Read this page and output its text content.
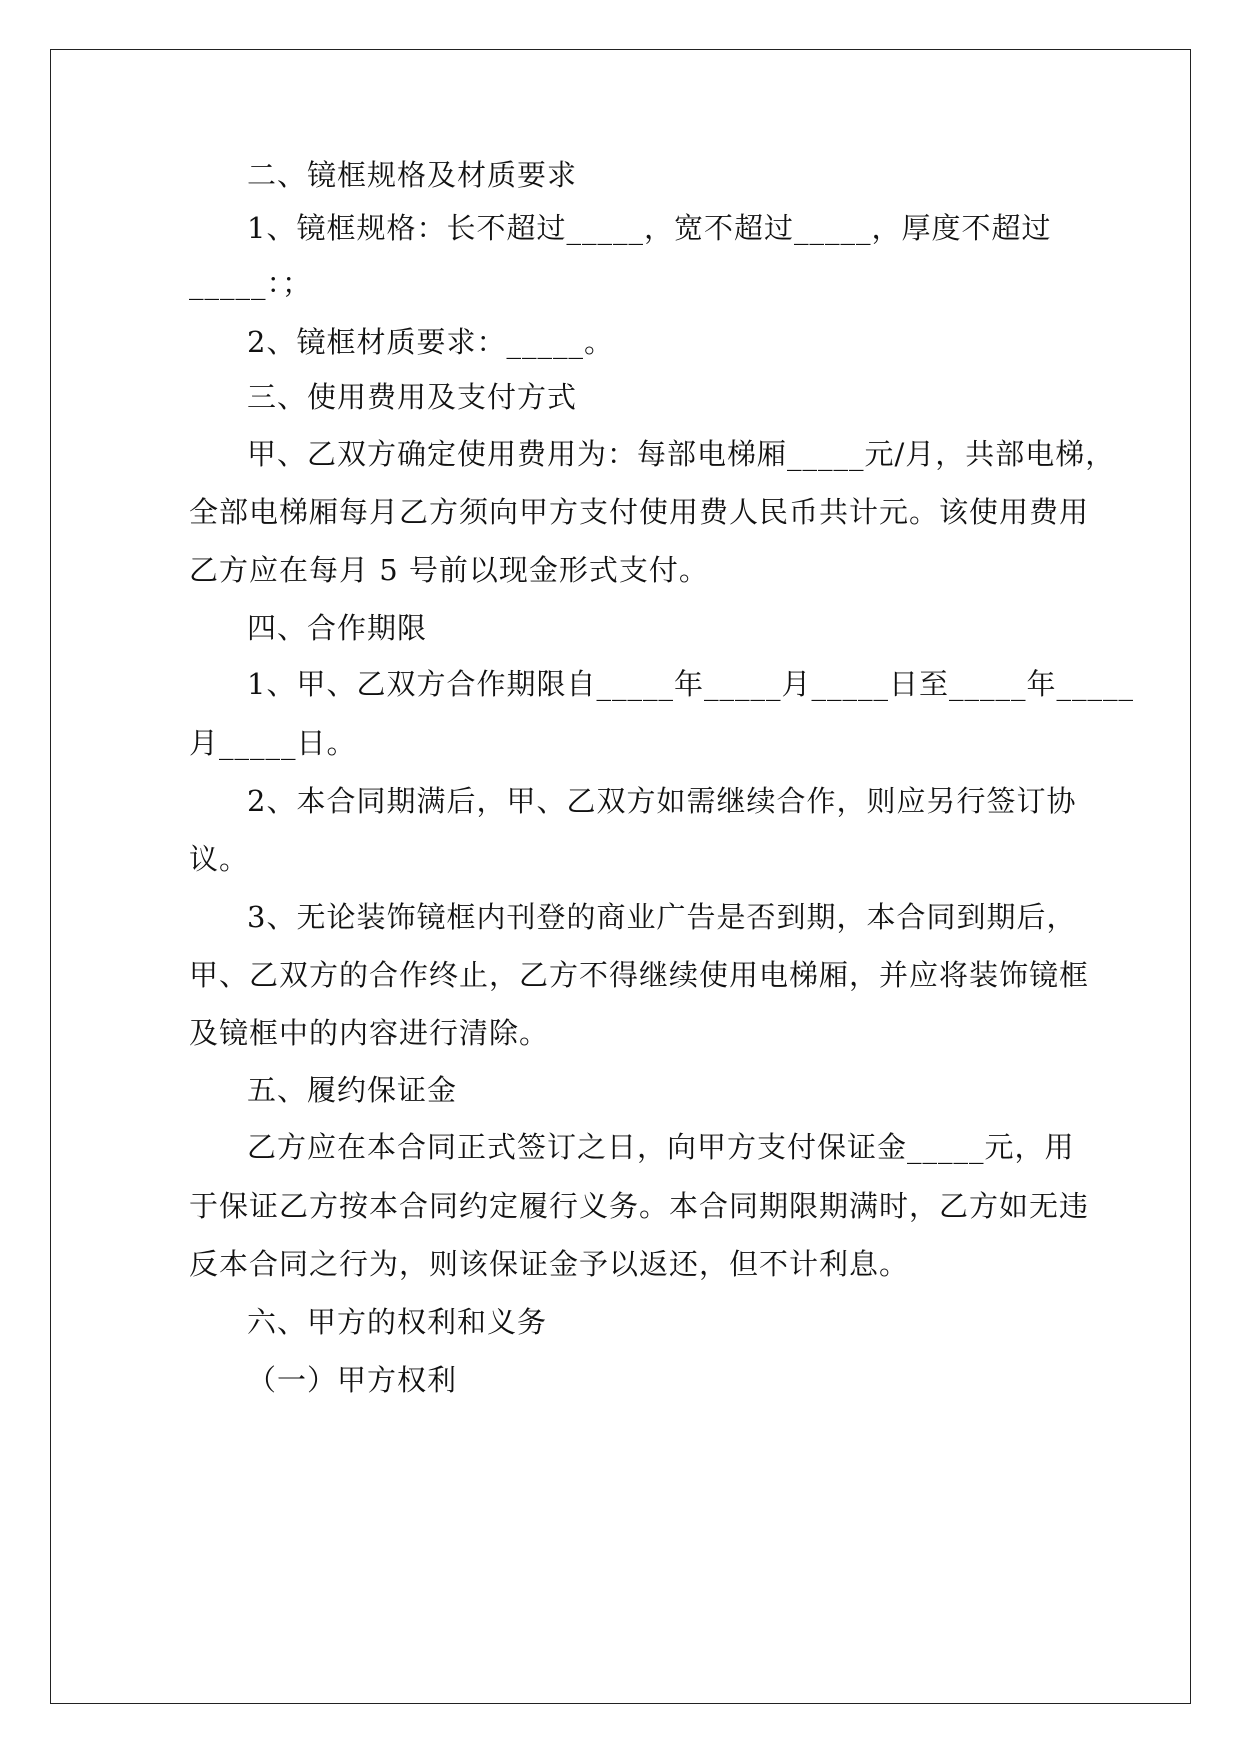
二、镜框规格及材质要求
1、镜框规格：长不超过_____，宽不超过_____，厚度不超过
_____：；
2、镜框材质要求：_____。
三、使用费用及支付方式
甲、乙双方确定使用费用为：每部电梯厢_____元/月，共部电梯，
全部电梯厢每月乙方须向甲方支付使用费人民币共计元。该使用费用
乙方应在每月 5 号前以现金形式支付。
四、合作期限
1、甲、乙双方合作期限自_____年_____月_____日至_____年_____
月_____日。
2、本合同期满后，甲、乙双方如需继续合作，则应另行签订协
议。
3、无论装饰镜框内刊登的商业广告是否到期，本合同到期后，
甲、乙双方的合作终止，乙方不得继续使用电梯厢，并应将装饰镜框
及镜框中的内容进行清除。
五、履约保证金
乙方应在本合同正式签订之日，向甲方支付保证金_____元，用
于保证乙方按本合同约定履行义务。本合同期限期满时，乙方如无违
反本合同之行为，则该保证金予以返还，但不计利息。
六、甲方的权利和义务
（一）甲方权利
